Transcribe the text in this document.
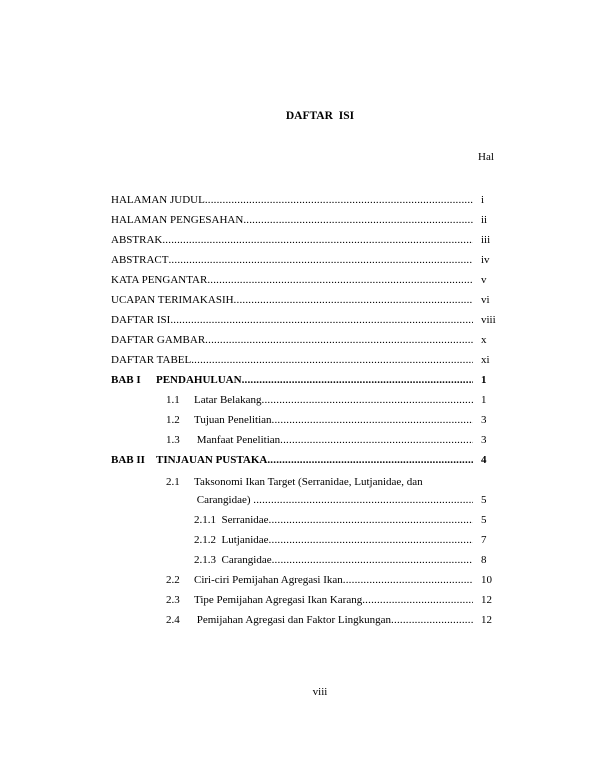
DAFTAR ISI
Hal
HALAMAN JUDUL .....	i
HALAMAN PENGESAHAN .....	ii
ABSTRAK .....	iii
ABSTRACT .....	iv
KATA PENGANTAR .....	v
UCAPAN TERIMAKASIH .....	vi
DAFTAR ISI .....	viii
DAFTAR GAMBAR .....	x
DAFTAR TABEL .....	xi
BAB I PENDAHULUAN .....	1
1.1 Latar Belakang .....	1
1.2 Tujuan Penelitian .....	3
1.3 Manfaat Penelitian .....	3
BAB II TINJAUAN PUSTAKA .....	4
2.1 Taksonomi Ikan Target (Serranidae, Lutjanidae, dan
Carangidae) .....	5
2.1.1  Serranidae .....	5
2.1.2  Lutjanidae .....	7
2.1.3  Carangidae .....	8
2.2 Ciri-ciri Pemijahan Agregasi Ikan .....	10
2.3 Tipe Pemijahan Agregasi Ikan Karang .....	12
2.4 Pemijahan Agregasi dan Faktor Lingkungan .....	12
viii
